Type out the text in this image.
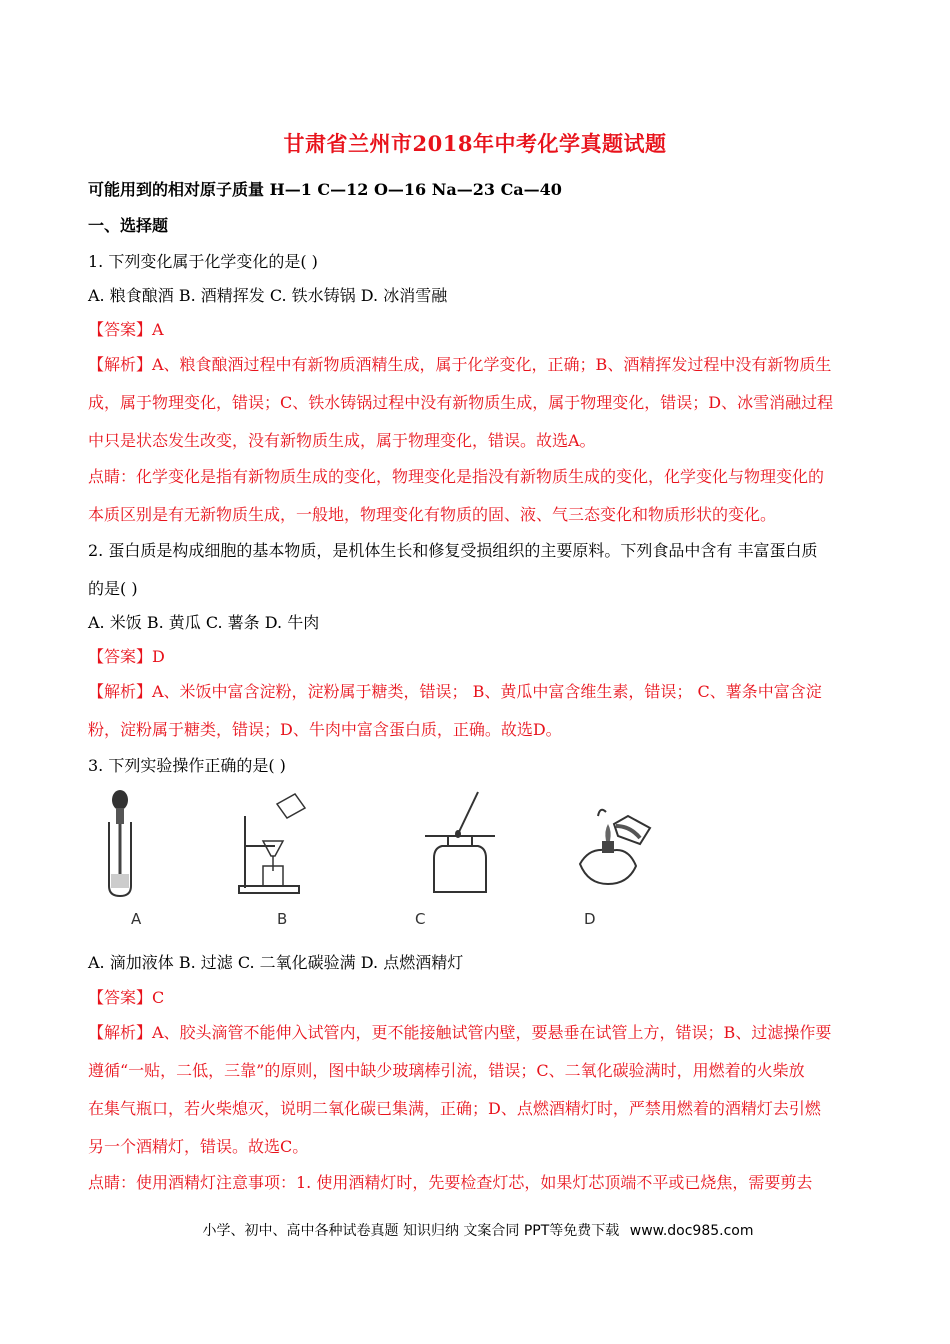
甘肃省兰州市2018年中考化学真题试题
可能用到的相对原子质量 H—1 C—12 O—16 Na—23 Ca—40
一、选择题
1. 下列变化属于化学变化的是( )
A. 粮食酿酒 B. 酒精挥发 C. 铁水铸锅 D. 冰消雪融
【答案】A
【解析】A、粮食酿酒过程中有新物质酒精生成，属于化学变化，正确；B、酒精挥发过程中没有新物质生
成，属于物理变化，错误；C、铁水铸锅过程中没有新物质生成，属于物理变化，错误；D、冰雪消融过程
中只是状态发生改变，没有新物质生成，属于物理变化，错误。故选A。
点睛：化学变化是指有新物质生成的变化，物理变化是指没有新物质生成的变化，化学变化与物理变化的
本质区别是有无新物质生成，一般地，物理变化有物质的固、液、气三态变化和物质形状的变化。
2. 蛋白质是构成细胞的基本物质，是机体生长和修复受损组织的主要原料。下列食品中含有 丰富蛋白质
的是( )
A. 米饭 B. 黄瓜 C. 薯条 D. 牛肉
【答案】D
【解析】A、米饭中富含淀粉，淀粉属于糖类，错误； B、黄瓜中富含维生素，错误； C、薯条中富含淀
粉，淀粉属于糖类，错误；D、牛肉中富含蛋白质，正确。故选D。
3. 下列实验操作正确的是( )
A	B	C	D
A. 滴加液体 B. 过滤 C. 二氧化碳验满 D. 点燃酒精灯
【答案】C
【解析】A、胶头滴管不能伸入试管内，更不能接触试管内壁，要悬垂在试管上方，错误；B、过滤操作要
遵循“一贴，二低，三靠”的原则，图中缺少玻璃棒引流，错误；C、二氧化碳验满时，用燃着的火柴放
在集气瓶口，若火柴熄灭，说明二氧化碳已集满，正确；D、点燃酒精灯时，严禁用燃着的酒精灯去引燃
另一个酒精灯，错误。故选C。
点睛：使用酒精灯注意事项：1. 使用酒精灯时，先要检查灯芯，如果灯芯顶端不平或已烧焦，需要剪去
小学、初中、高中各种试卷真题 知识归纳 文案合同 PPT等免费下载 www.doc985.com
